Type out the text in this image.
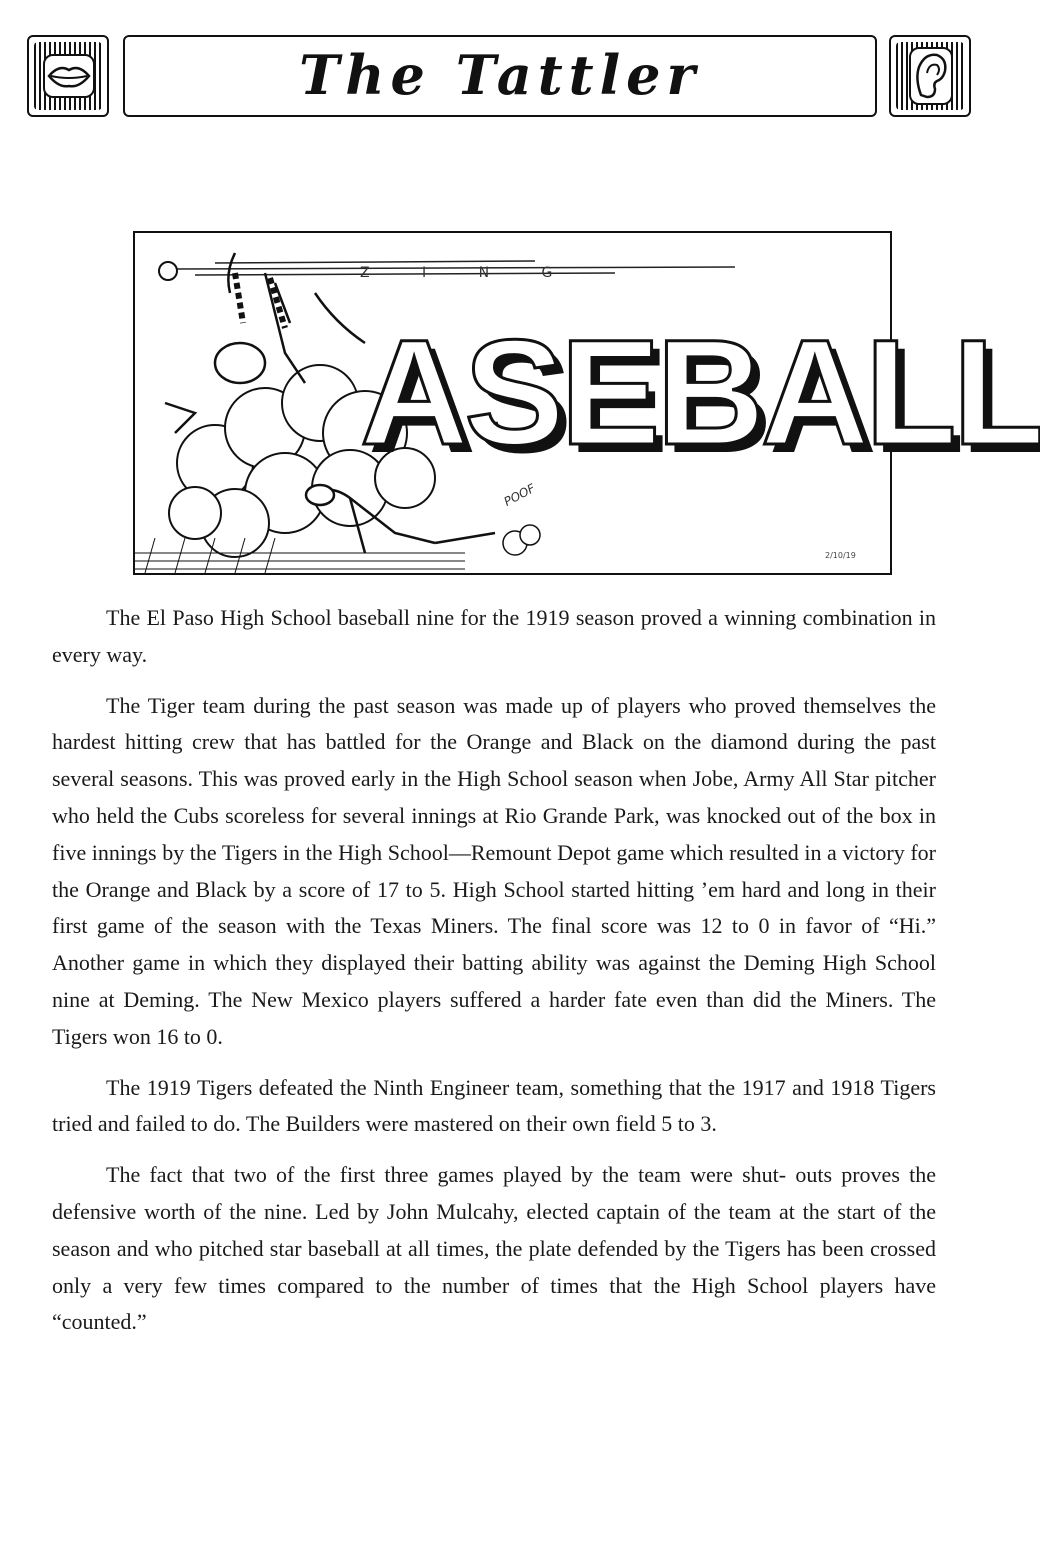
The Tattler
Z I N G
ASEBALL
POOF
2/10/19

The El Paso High School baseball nine for the 1919 season proved a winning combination in every way.

The Tiger team during the past season was made up of players who proved themselves the hardest hitting crew that has battled for the Orange and Black on the diamond during the past several seasons. This was proved early in the High School season when Jobe, Army All Star pitcher who held the Cubs scoreless for several innings at Rio Grande Park, was knocked out of the box in five innings by the Tigers in the High School—Remount Depot game which resulted in a victory for the Orange and Black by a score of 17 to 5. High School started hitting ’em hard and long in their first game of the season with the Texas Miners. The final score was 12 to 0 in favor of “Hi.” Another game in which they displayed their batting ability was against the Deming High School nine at Deming. The New Mexico players suffered a harder fate even than did the Miners. The Tigers won 16 to 0.

The 1919 Tigers defeated the Ninth Engineer team, something that the 1917 and 1918 Tigers tried and failed to do. The Builders were mastered on their own field 5 to 3.

The fact that two of the first three games played by the team were shut- outs proves the defensive worth of the nine. Led by John Mulcahy, elected captain of the team at the start of the season and who pitched star baseball at all times, the plate defended by the Tigers has been crossed only a very few times compared to the number of times that the High School players have “counted.”
